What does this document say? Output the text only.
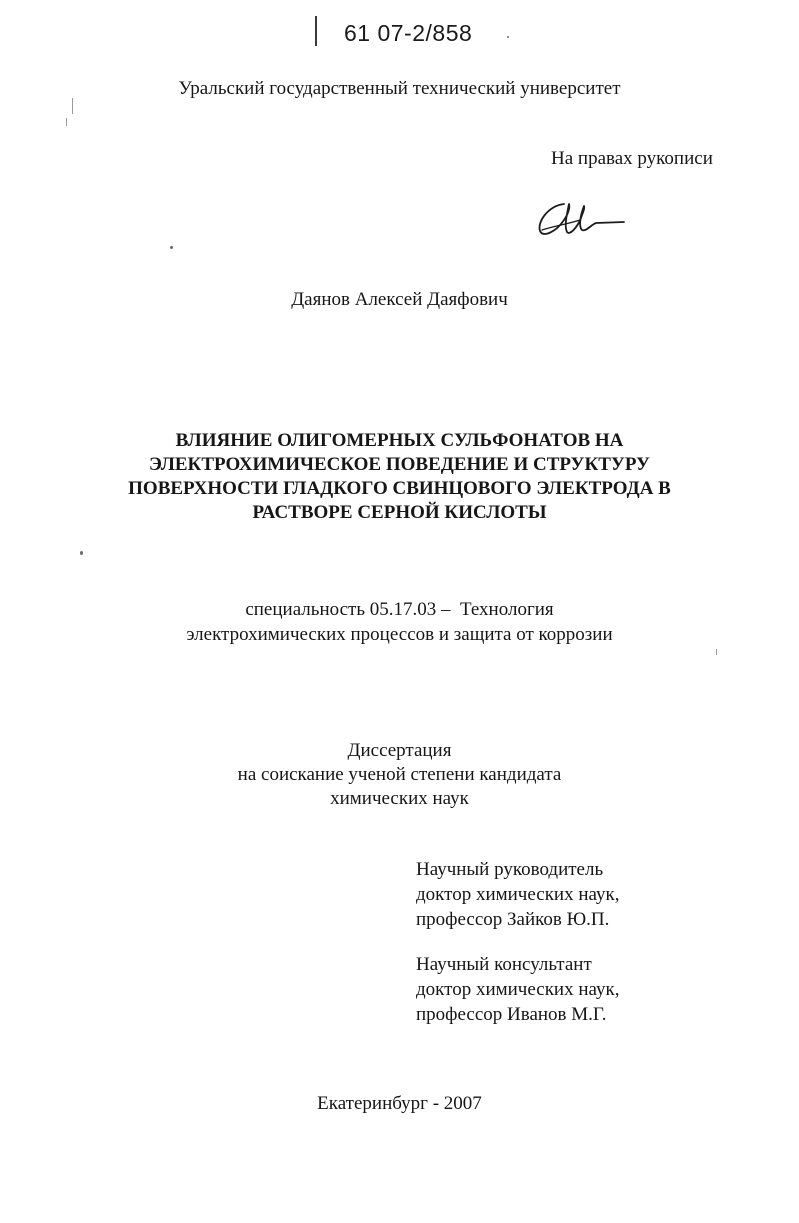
61 07-2/858
Уральский государственный технический университет
На правах рукописи
Даянов Алексей Даяфович
ВЛИЯНИЕ ОЛИГОМЕРНЫХ СУЛЬФОНАТОВ НА
ЭЛЕКТРОХИМИЧЕСКОЕ ПОВЕДЕНИЕ И СТРУКТУРУ
ПОВЕРХНОСТИ ГЛАДКОГО СВИНЦОВОГО ЭЛЕКТРОДА В
РАСТВОРЕ СЕРНОЙ КИСЛОТЫ
специальность 05.17.03 –  Технология
электрохимических процессов и защита от коррозии
Диссертация
на соискание ученой степени кандидата
химических наук
Научный руководитель
доктор химических наук,
профессор Зайков Ю.П.
Научный консультант
доктор химических наук,
профессор Иванов М.Г.
Екатеринбург - 2007
